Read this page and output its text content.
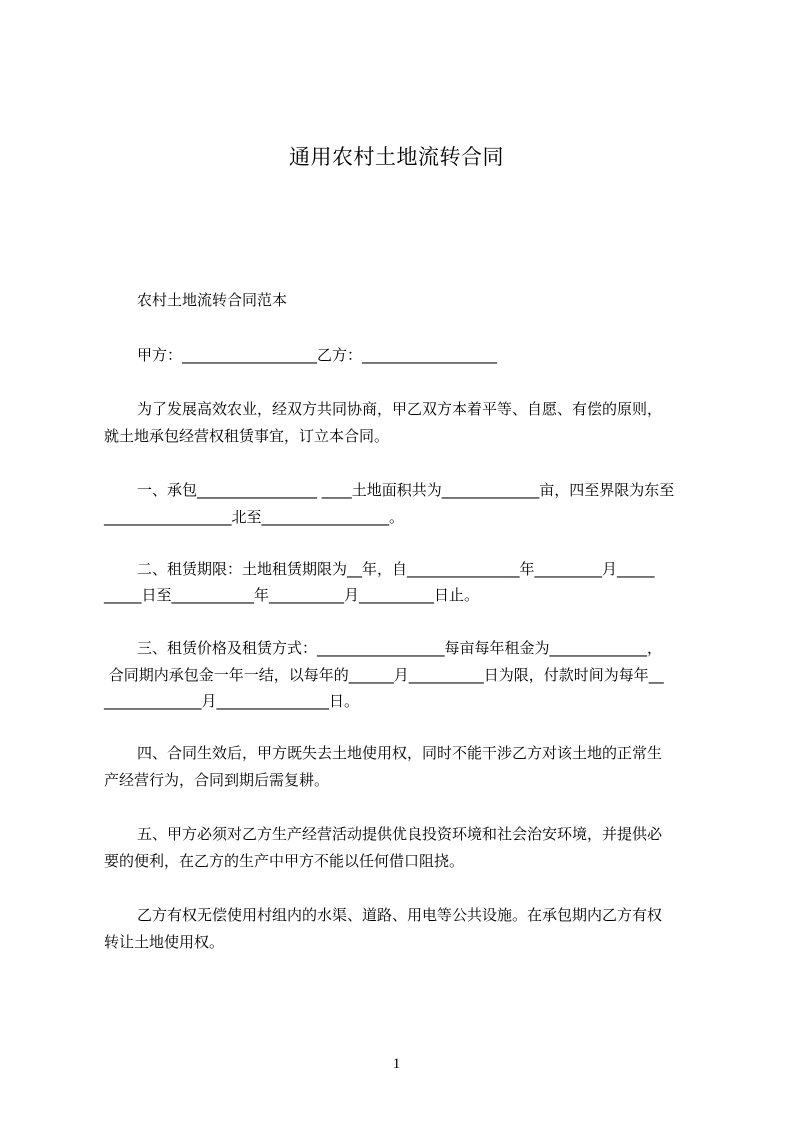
通用农村土地流转合同
农村土地流转合同范本
甲方：__________________乙方：__________________
为了发展高效农业，经双方共同协商，甲乙双方本着平等、自愿、有偿的原则，
就土地承包经营权租赁事宜，订立本合同。
一、承包________________ ____土地面积共为_____________亩，四至界限为东至
_________________北至_________________。
二、租赁期限：土地租赁期限为__年，自_______________年_________月_____
_____日至___________年__________月__________日止。
三、租赁价格及租赁方式：_________________每亩每年租金为_____________，
合同期内承包金一年一结，以每年的______月__________日为限，付款时间为每年__
_____________月_______________日。
四、合同生效后，甲方既失去土地使用权，同时不能干涉乙方对该土地的正常生
产经营行为，合同到期后需复耕。
五、甲方必须对乙方生产经营活动提供优良投资环境和社会治安环境，并提供必
要的便利，在乙方的生产中甲方不能以任何借口阻挠。
乙方有权无偿使用村组内的水渠、道路、用电等公共设施。在承包期内乙方有权
转让土地使用权。
1
